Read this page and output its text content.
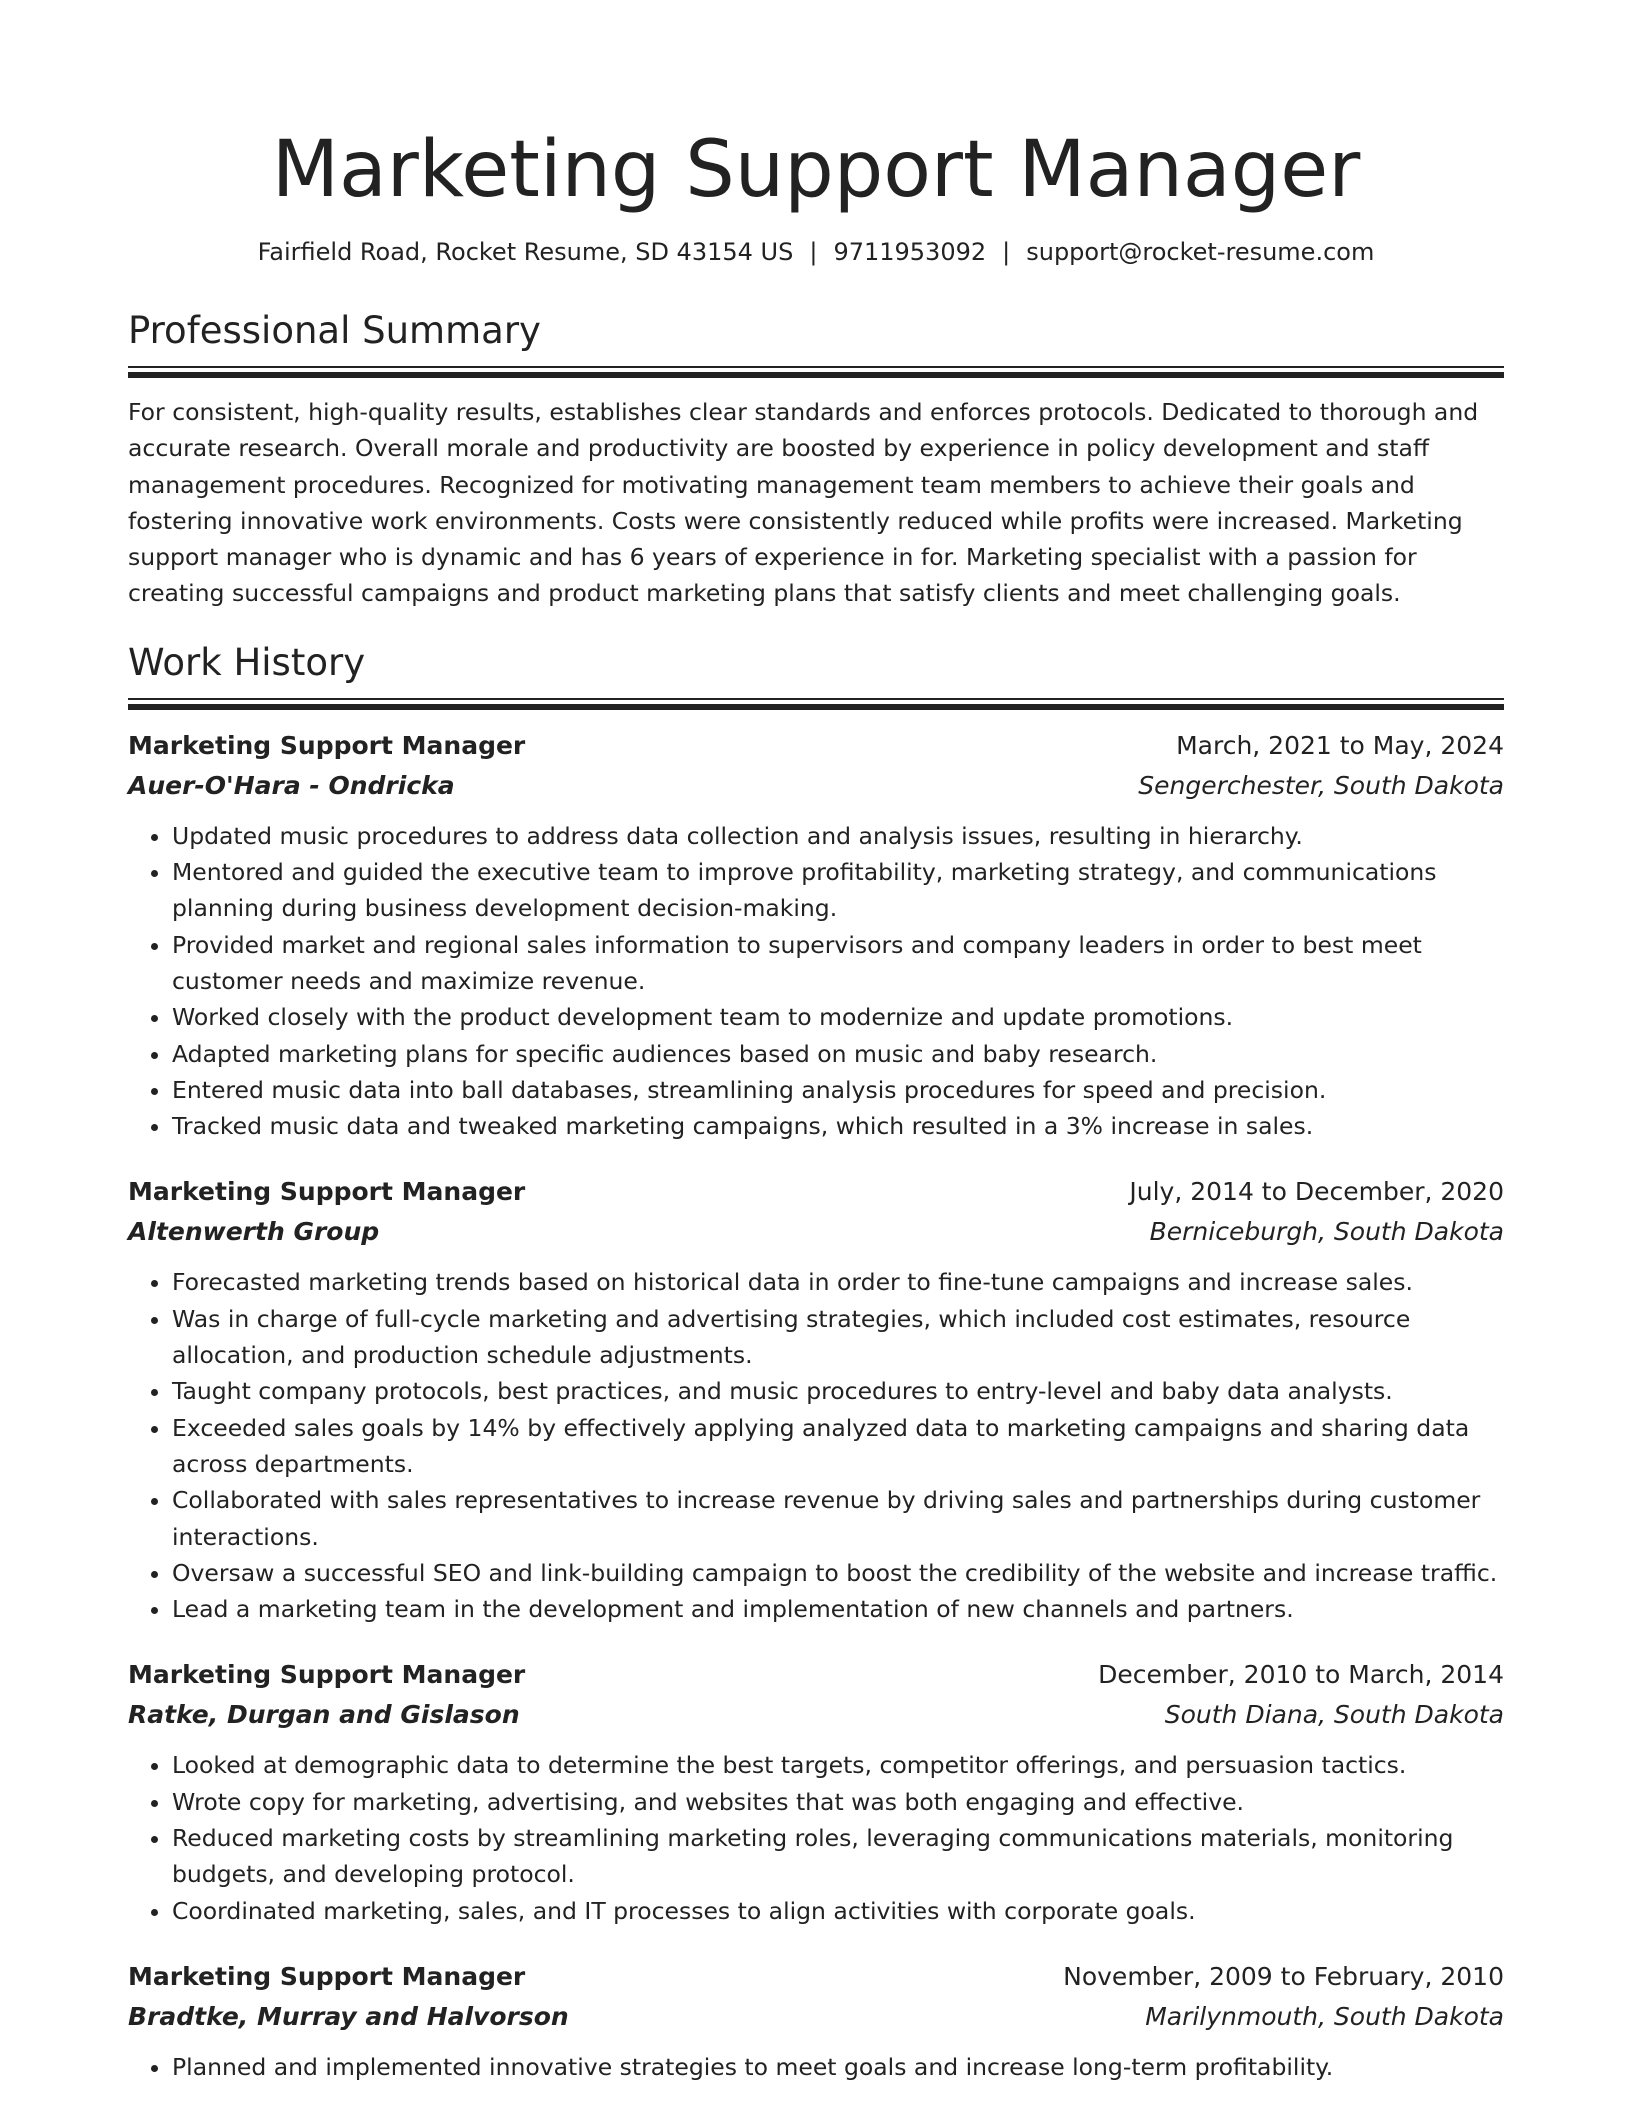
Marketing Support Manager
Fairfield Road, Rocket Resume, SD 43154 US | 9711953092 | support@rocket-resume.com
Professional Summary
For consistent, high-quality results, establishes clear standards and enforces protocols. Dedicated to thorough and accurate research. Overall morale and productivity are boosted by experience in policy development and staff management procedures. Recognized for motivating management team members to achieve their goals and fostering innovative work environments. Costs were consistently reduced while profits were increased. Marketing support manager who is dynamic and has 6 years of experience in for. Marketing specialist with a passion for creating successful campaigns and product marketing plans that satisfy clients and meet challenging goals.
Work History
Marketing Support Manager	March, 2021 to May, 2024
Auer-O'Hara - Ondricka	Sengerchester, South Dakota
• Updated music procedures to address data collection and analysis issues, resulting in hierarchy.
• Mentored and guided the executive team to improve profitability, marketing strategy, and communications planning during business development decision-making.
• Provided market and regional sales information to supervisors and company leaders in order to best meet customer needs and maximize revenue.
• Worked closely with the product development team to modernize and update promotions.
• Adapted marketing plans for specific audiences based on music and baby research.
• Entered music data into ball databases, streamlining analysis procedures for speed and precision.
• Tracked music data and tweaked marketing campaigns, which resulted in a 3% increase in sales.
Marketing Support Manager	July, 2014 to December, 2020
Altenwerth Group	Berniceburgh, South Dakota
• Forecasted marketing trends based on historical data in order to fine-tune campaigns and increase sales.
• Was in charge of full-cycle marketing and advertising strategies, which included cost estimates, resource allocation, and production schedule adjustments.
• Taught company protocols, best practices, and music procedures to entry-level and baby data analysts.
• Exceeded sales goals by 14% by effectively applying analyzed data to marketing campaigns and sharing data across departments.
• Collaborated with sales representatives to increase revenue by driving sales and partnerships during customer interactions.
• Oversaw a successful SEO and link-building campaign to boost the credibility of the website and increase traffic.
• Lead a marketing team in the development and implementation of new channels and partners.
Marketing Support Manager	December, 2010 to March, 2014
Ratke, Durgan and Gislason	South Diana, South Dakota
• Looked at demographic data to determine the best targets, competitor offerings, and persuasion tactics.
• Wrote copy for marketing, advertising, and websites that was both engaging and effective.
• Reduced marketing costs by streamlining marketing roles, leveraging communications materials, monitoring budgets, and developing protocol.
• Coordinated marketing, sales, and IT processes to align activities with corporate goals.
Marketing Support Manager	November, 2009 to February, 2010
Bradtke, Murray and Halvorson	Marilynmouth, South Dakota
• Planned and implemented innovative strategies to meet goals and increase long-term profitability.
